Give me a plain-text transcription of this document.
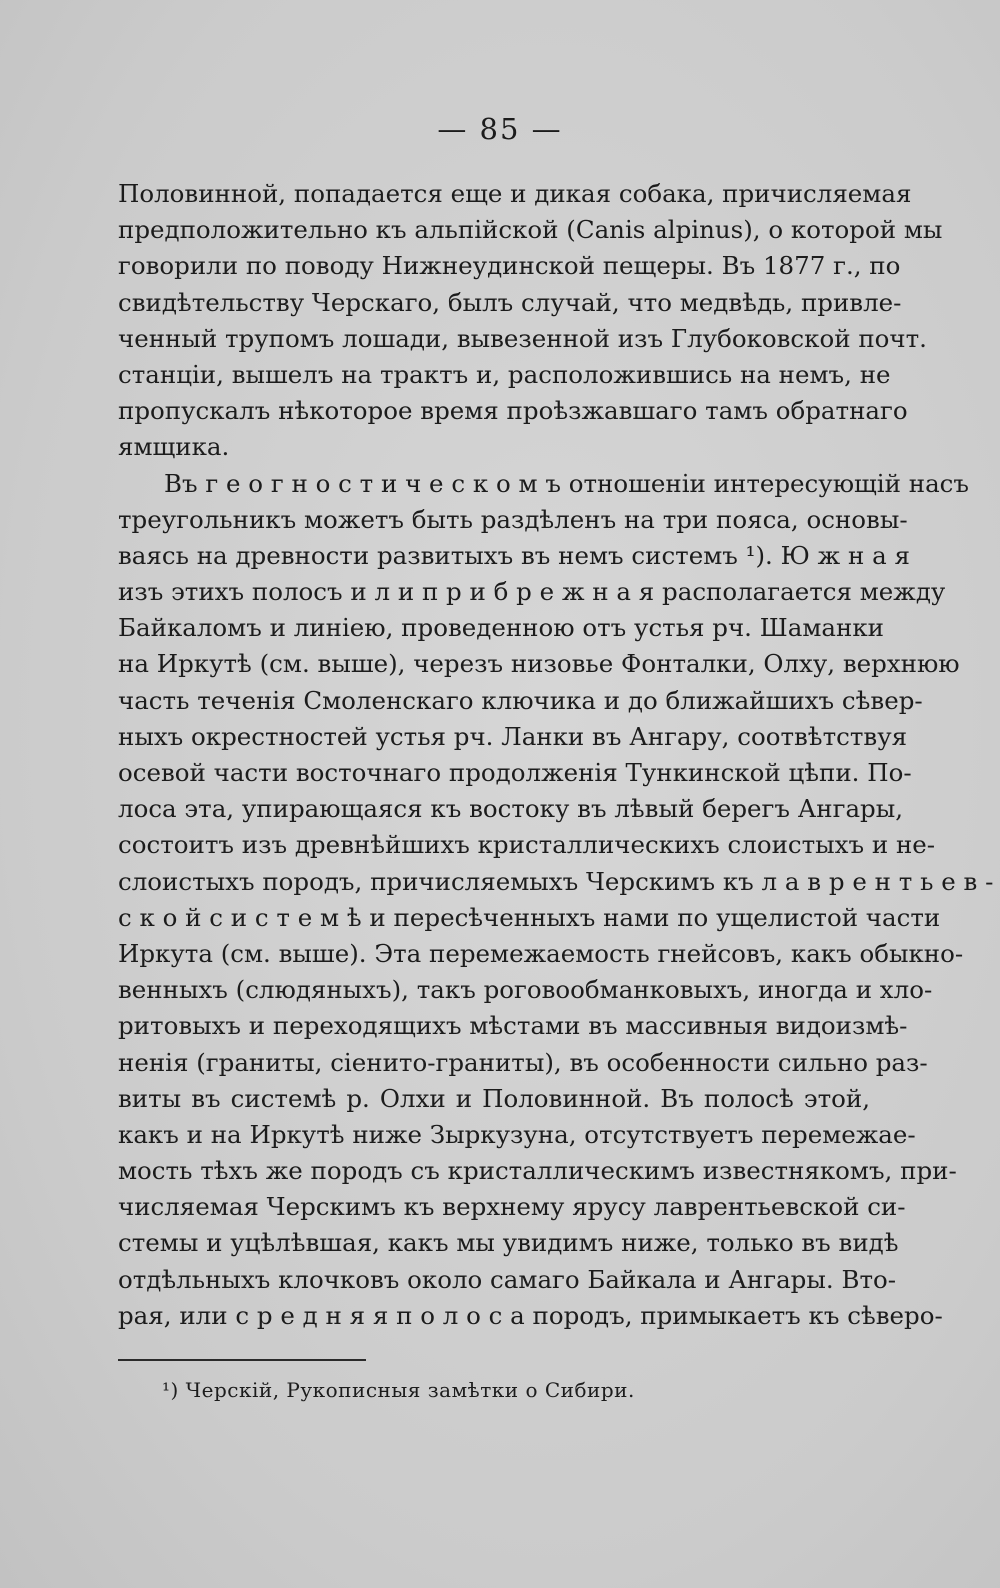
— 85 —
Половинной, попадается еще и дикая собака, причисляемая
предположительно къ альпiйской (Canis alpinus), о которой мы
говорили по поводу Нижнеудинской пещеры. Въ 1877 г., по
свидѣтельству Черскаго, былъ случай, что медвѣдь, привле-
ченный трупомъ лошади, вывезенной изъ Глубоковской почт.
станцiи, вышелъ на трактъ и, расположившись на немъ, не
пропускалъ нѣкоторое время проѣзжавшаго тамъ обратнаго
ямщика.
Въ г е о г н о с т и ч е с к о м ъ отношенiи интересующiй насъ
треугольникъ можетъ быть раздѣленъ на три пояса, основы-
ваясь на древности развитыхъ въ немъ системъ ¹). Ю ж н а я
изъ этихъ полосъ и л и п р и б р е ж н а я располагается между
Байкаломъ и линiею, проведенною отъ устья рч. Шаманки
на Иркутѣ (см. выше), черезъ низовье Фонталки, Олху, верхнюю
часть теченiя Смоленскаго ключика и до ближайшихъ сѣвер-
ныхъ окрестностей устья рч. Ланки въ Ангару, соотвѣтствуя
осевой части восточнаго продолженiя Тункинской цѣпи. По-
лоса эта, упирающаяся къ востоку въ лѣвый берегъ Ангары,
состоитъ изъ древнѣйшихъ кристаллическихъ слоистыхъ и не-
слоистыхъ породъ, причисляемыхъ Черскимъ къ л а в р е н т ь е в -
с к о й с и с т е м ѣ и пересѣченныхъ нами по ущелистой части
Иркута (см. выше). Эта перемежаемость гнейсовъ, какъ обыкно-
венныхъ (слюдяныхъ), такъ роговообманковыхъ, иногда и хло-
ритовыхъ и переходящихъ мѣстами въ массивныя видоизмѣ-
ненiя (граниты, сiенито-граниты), въ особенности сильно раз-
виты въ системѣ р. Олхи и Половинной. Въ полосѣ этой,
какъ и на Иркутѣ ниже Зыркузуна, отсутствуетъ перемежае-
мость тѣхъ же породъ съ кристаллическимъ известнякомъ, при-
числяемая Черскимъ къ верхнему ярусу лаврентьевской си-
стемы и уцѣлѣвшая, какъ мы увидимъ ниже, только въ видѣ
отдѣльныхъ клочковъ около самаго Байкала и Ангары. Вто-
рая, или с р е д н я я п о л о с а породъ, примыкаетъ къ сѣверо-
¹) Черскiй, Рукописныя замѣтки о Сибири.
